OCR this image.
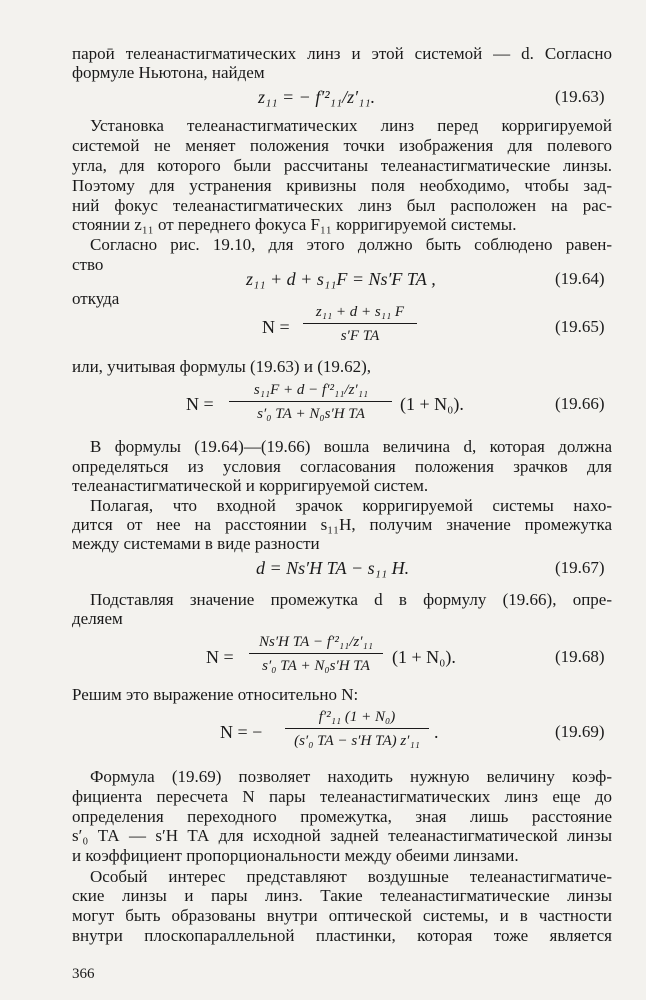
пароӣ телеанастигматических линз и этой системой — d. Согласно
формуле Ньютона, найдем
z₁₁ = − f′²₁₁/z′₁₁.	(19.63)
Установка телеанастигматических линз перед корригируемой
системой не меняет положения точки изображения для полевого
угла, для которого были рассчитаны телеанастигматические линзы.
Поэтому для устранения кривизны поля необходимо, чтобы зад-
ний фокус телеанастигматических линз был расположен на рас-
стоянии z₁₁ от переднего фокуса F₁₁ корригируемой системы.
Согласно рис. 19.10, для этого должно быть соблюдено равен-
ство
z₁₁ + d + s₁₁F = Ns′F ТА ,	(19.64)
откуда
N =
z₁₁ + d + s₁₁ F
s′F ТА	(19.65)
или, учитывая формулы (19.63) и (19.62),
N =
s₁₁F + d − f′²₁₁/z′₁₁
s′₀ ТА + N₀s′H ТА	(1 + N₀).	(19.66)
В формулы (19.64)—(19.66) вошла величина d, которая должна
определяться из условия согласования положения зрачков для
телеанастигматической и корригируемой систем.
Полагая, что входной зрачок корригируемой системы нахо-
дится от нее на расстоянии s₁₁H, получим значение промежутка
между системами в виде разности
d = Ns′H ТА − s₁₁ H.	(19.67)
Подставляя значение промежутка d в формулу (19.66), опре-
деляем
N =
Ns′H ТА − f′²₁₁/z′₁₁
s′₀ ТА + N₀s′H ТА	(1 + N₀).	(19.68)
Решим это выражение относительно N:
N = −
f′²₁₁ (1 + N₀)
(s′₀ ТА − s′H ТА) z′₁₁ .	(19.69)
Формула (19.69) позволяет находить нужную величину коэф-
фициента пересчета N пары телеанастигматических линз еще до
определения переходного промежутка, зная лишь расстояние
s′₀ ТА — s′H ТА для исходной задней телеанастигматической линзы
и коэффициент пропорциональности между обеими линзами.
Особый интерес представляют воздушные телеанастигматиче-
ские линзы и пары линз. Такие телеанастигматические линзы
могут быть образованы внутри оптической системы, и в частности
внутри плоскопараллельной пластинки, которая тоже является
366
